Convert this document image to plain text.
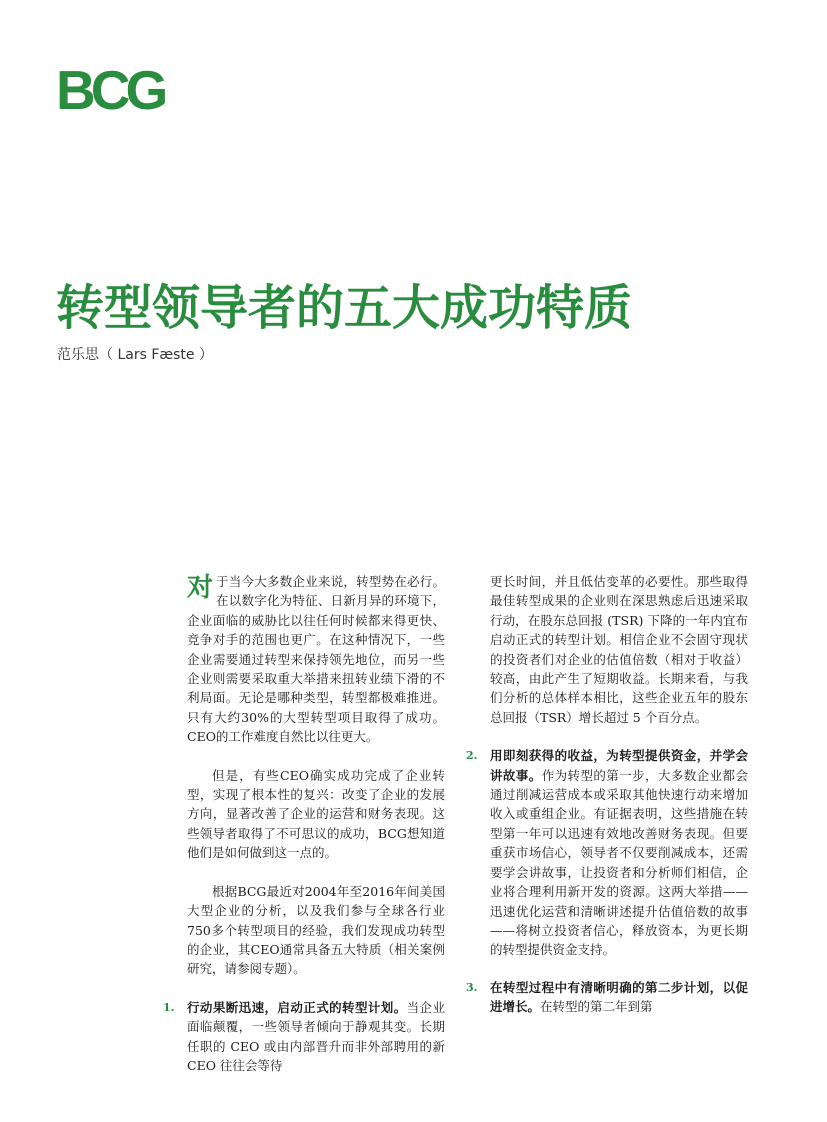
BCG
转型领导者的五大成功特质
范乐思（ Lars Fæste ）

对于当今大多数企业来说，转型势在必行。在以数字化为特征、日新月异的环境下，企业面临的威胁比以往任何时候都来得更快、竞争对手的范围也更广。在这种情况下，一些企业需要通过转型来保持领先地位，而另一些企业则需要采取重大举措来扭转业绩下滑的不利局面。无论是哪种类型，转型都极难推进。只有大约30%的大型转型项目取得了成功。CEO的工作难度自然比以往更大。

但是，有些CEO确实成功完成了企业转型，实现了根本性的复兴：改变了企业的发展方向，显著改善了企业的运营和财务表现。这些领导者取得了不可思议的成功，BCG想知道他们是如何做到这一点的。

根据BCG最近对2004年至2016年间美国大型企业的分析，以及我们参与全球各行业750多个转型项目的经验，我们发现成功转型的企业，其CEO通常具备五大特质（相关案例研究，请参阅专题）。

1. 行动果断迅速，启动正式的转型计划。当企业面临颠覆，一些领导者倾向于静观其变。长期任职的 CEO 或由内部晋升而非外部聘用的新 CEO 往往会等待

更长时间，并且低估变革的必要性。那些取得最佳转型成果的企业则在深思熟虑后迅速采取行动，在股东总回报 (TSR) 下降的一年内宜布启动正式的转型计划。相信企业不会固守现状的投资者们对企业的估值倍数（相对于收益）较高，由此产生了短期收益。长期来看，与我们分析的总体样本相比，这些企业五年的股东总回报（TSR）增长超过 5 个百分点。

2. 用即刻获得的收益，为转型提供资金，并学会讲故事。作为转型的第一步，大多数企业都会通过削减运营成本或采取其他快速行动来增加收入或重组企业。有证据表明，这些措施在转型第一年可以迅速有效地改善财务表现。但要重获市场信心，领导者不仅要削减成本，还需要学会讲故事，让投资者和分析师们相信，企业将合理利用新开发的资源。这两大举措——迅速优化运营和清晰讲述提升估值倍数的故事——将树立投资者信心，释放资本，为更长期的转型提供资金支持。
3. 在转型过程中有清晰明确的第二步计划，以促进增长。在转型的第二年到第
